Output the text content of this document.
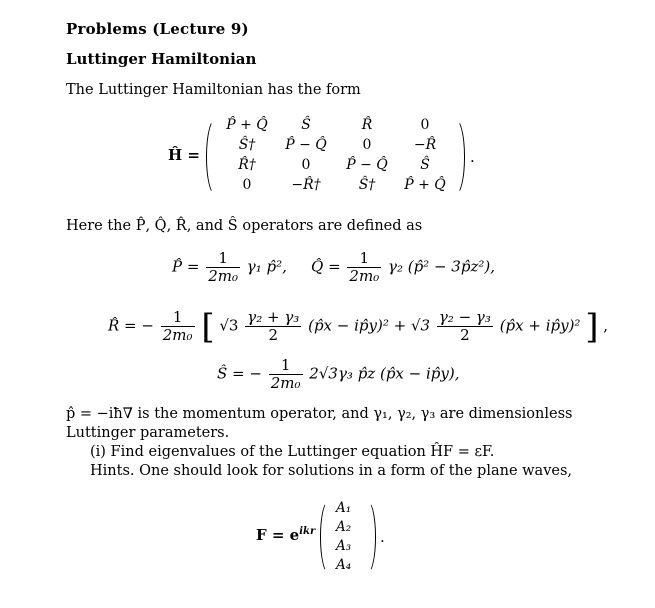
Problems (Lecture 9)
Luttinger Hamiltonian
The Luttinger Hamiltonian has the form
Ĥ =
P̂ + Q̂	Ŝ	R̂	0
Ŝ†	P̂ − Q̂	0	−R̂
R̂†	0	P̂ − Q̂	Ŝ
0	−R̂†	Ŝ†	P̂ + Q̂
.
Here the P̂, Q̂, R̂, and Ŝ operators are defined as
P̂ = $\frac{1}{\text{2m₀}} \gamma_1$ p̂², Q̂ = $\frac{1}{\text{2m₀}} \gamma_2$ (p̂² − 3p̂z²),
R̂ = − $\frac{1}{\text{2m₀}}$ [ $√3 \frac{\text{γ₂ + γ₃}}{2}$ (p̂x − ip̂y)² + $√3 \frac{\text{γ₂ − γ₃}}{2}$ (p̂x + ip̂y)² ] ,
Ŝ = − $\frac{1}{\text{2m₀}} 2√3\gamma_3$ p̂z (p̂x − ip̂y),
p̂ = −iħ∇ is the momentum operator, and γ₁, γ₂, γ₃ are dimensionless
Luttinger parameters.
(i) Find eigenvalues of the Luttinger equation ĤF = εF.
Hints. One should look for solutions in a form of the plane waves,
$F = e^{ikr}$
A₁
A₂
A₃
A₄
.
